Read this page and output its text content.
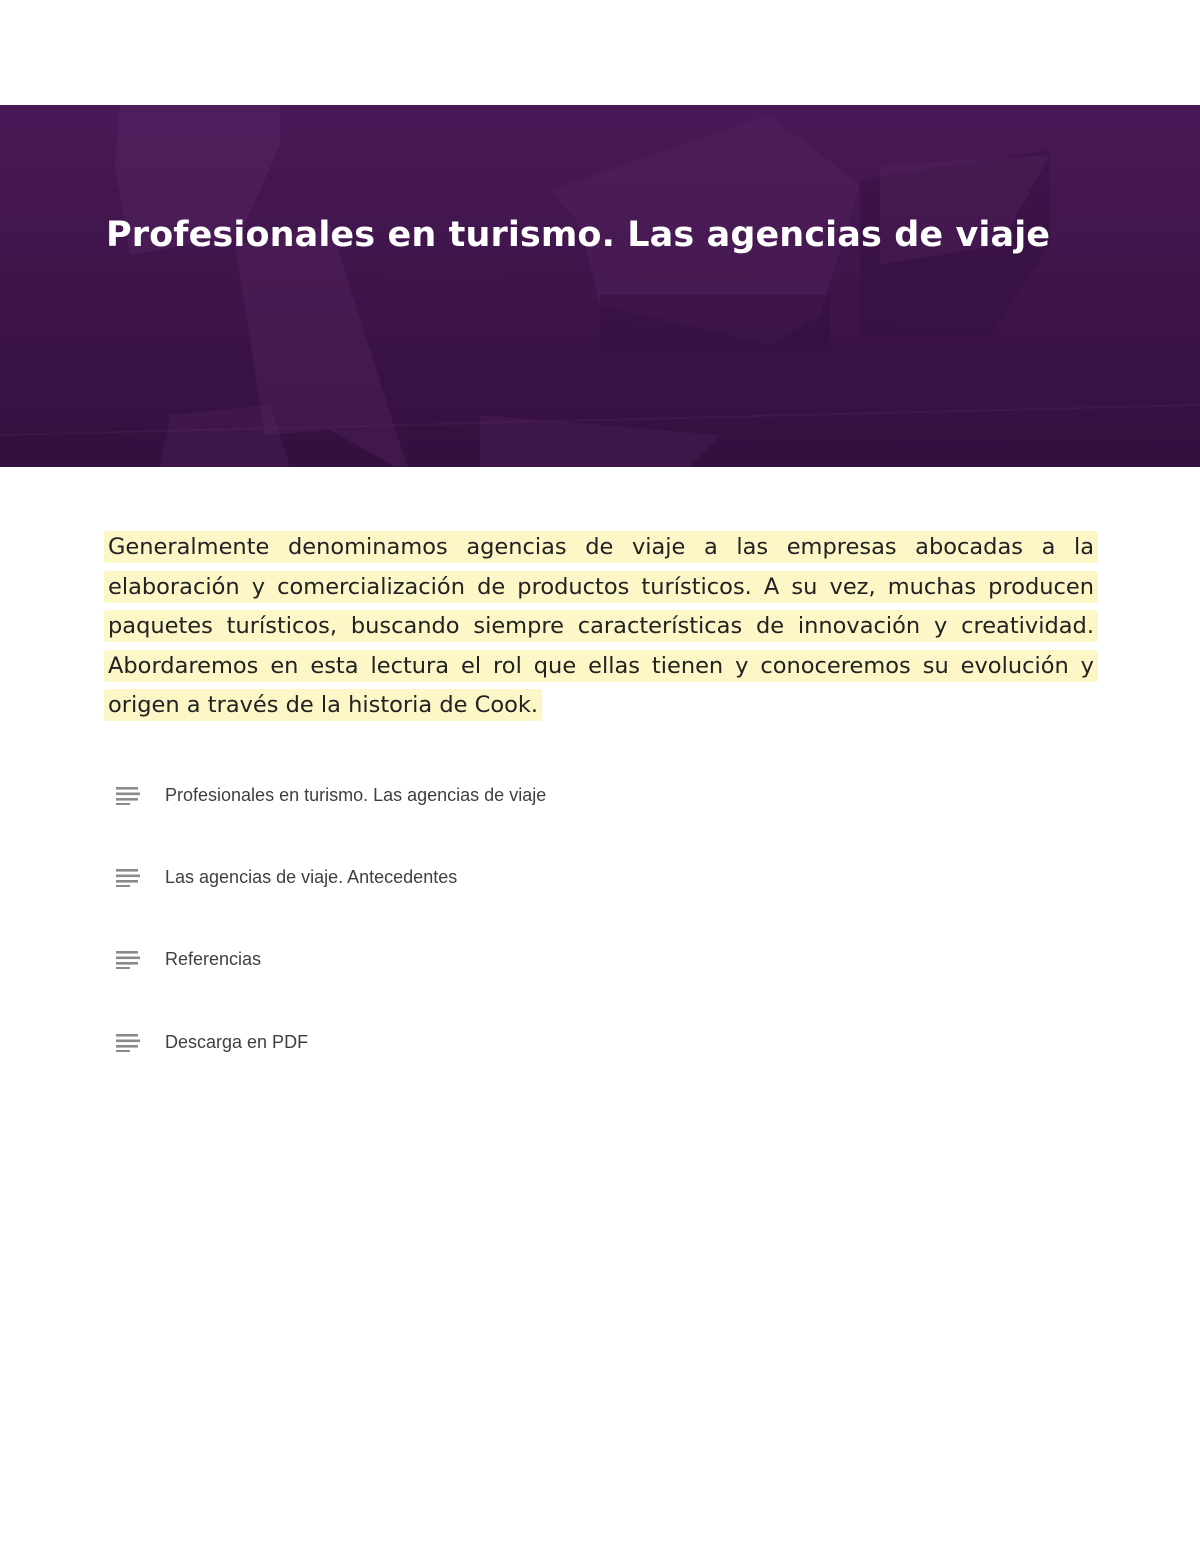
Profesionales en turismo. Las agencias de viaje

Generalmente denominamos agencias de viaje a las empresas abocadas a la elaboración y comercialización de productos turísticos. A su vez, muchas producen paquetes turísticos, buscando siempre características de innovación y creatividad. Abordaremos en esta lectura el rol que ellas tienen y conoceremos su evolución y origen a través de la historia de Cook.

Profesionales en turismo. Las agencias de viaje
Las agencias de viaje. Antecedentes
Referencias
Descarga en PDF
